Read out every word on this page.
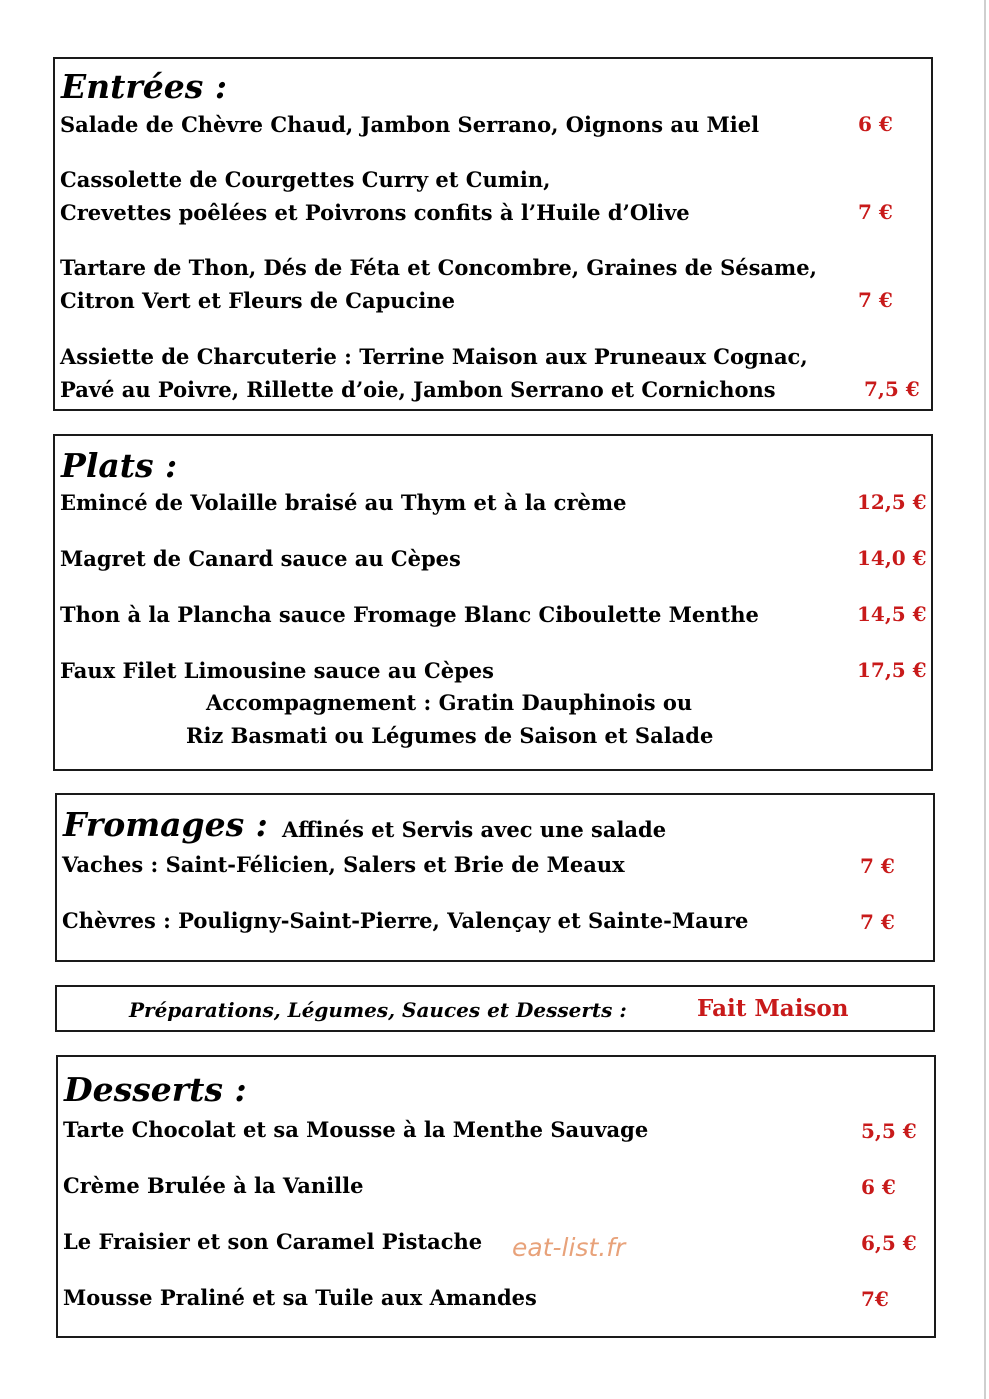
Entrées :
Salade de Chèvre Chaud, Jambon Serrano, Oignons au Miel	6 €
Cassolette de Courgettes Curry et Cumin,
Crevettes poêlées et Poivrons confits à l’Huile d’Olive	7 €
Tartare de Thon, Dés de Féta et Concombre, Graines de Sésame,
Citron Vert et Fleurs de Capucine	7 €
Assiette de Charcuterie : Terrine Maison aux Pruneaux Cognac,
Pavé au Poivre, Rillette d’oie, Jambon Serrano et Cornichons	7,5 €
Plats :
Emincé de Volaille braisé au Thym et à la crème	12,5 €
Magret de Canard sauce au Cèpes	14,0 €
Thon à la Plancha sauce Fromage Blanc Ciboulette Menthe	14,5 €
Faux Filet Limousine sauce au Cèpes	17,5 €
Accompagnement : Gratin Dauphinois ou
Riz Basmati ou Légumes de Saison et Salade
Fromages : Affinés et Servis avec une salade
Vaches : Saint-Félicien, Salers et Brie de Meaux	7 €
Chèvres : Pouligny-Saint-Pierre, Valençay et Sainte-Maure	7 €
Préparations, Légumes, Sauces et Desserts :	Fait Maison
Desserts :
Tarte Chocolat et sa Mousse à la Menthe Sauvage	5,5 €
Crème Brulée à la Vanille	6 €
Le Fraisier et son Caramel Pistache	6,5 €
Mousse Praliné et sa Tuile aux Amandes	7€
eat-list.fr
